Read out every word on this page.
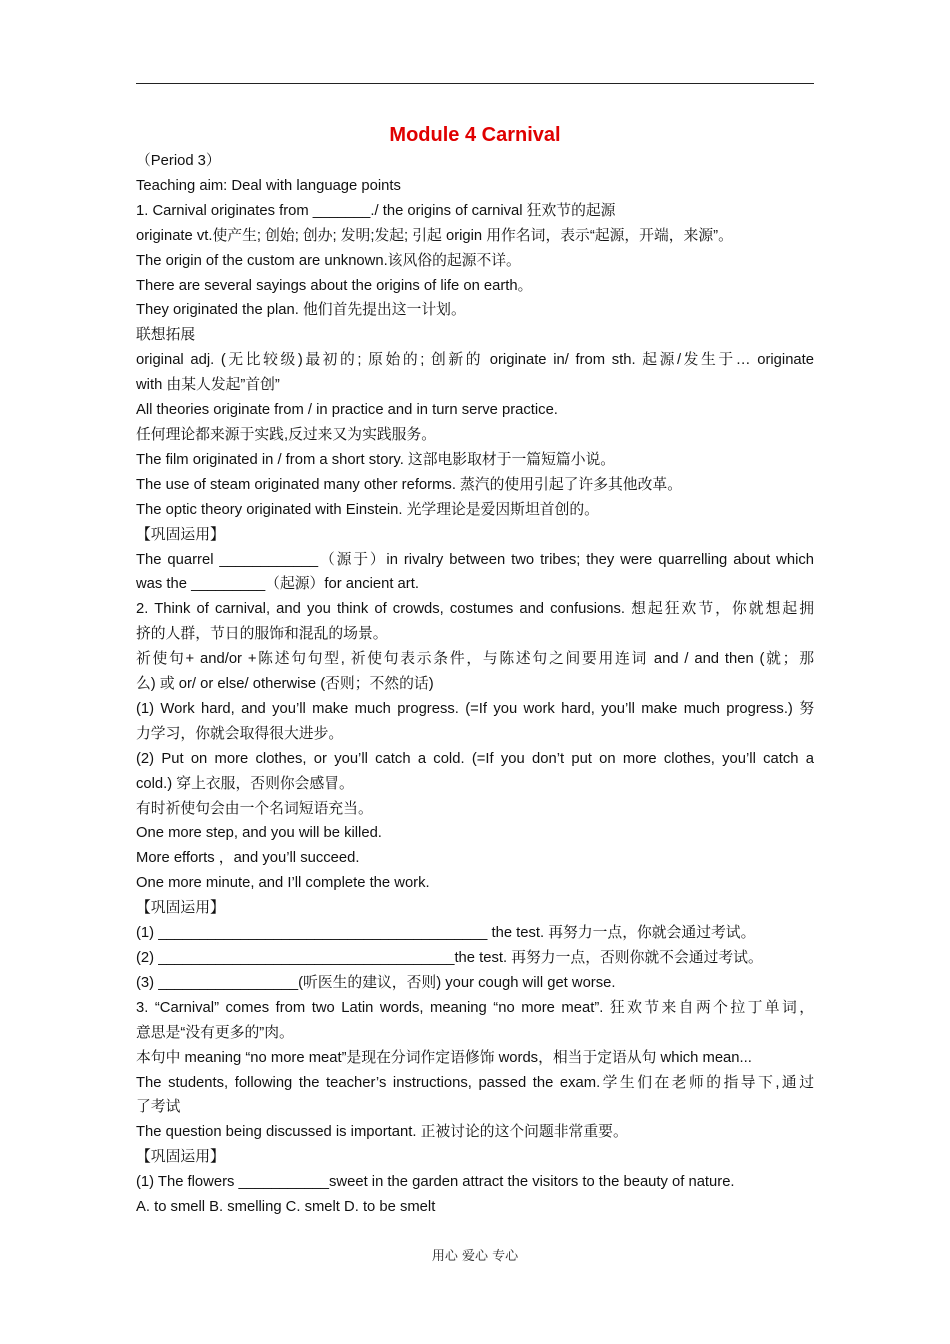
Module 4 Carnival
（Period 3）
Teaching aim: Deal with language points
1. Carnival originates from _______./ the origins of carnival 狂欢节的起源
originate vt.使产生; 创始; 创办; 发明;发起; 引起 origin 用作名词，表示“起源，开端，来源”。
The origin of the custom are unknown.该风俗的起源不详。
There are several sayings about the origins of life on earth。
They originated the plan. 他们首先提出这一计划。
联想拓展
original adj. (无比较级)最初的; 原始的; 创新的 originate in/ from sth. 起源/发生于… originate
with 由某人发起”首创”
All theories originate from / in practice and in turn serve practice.
任何理论都来源于实践,反过来又为实践服务。
The film originated in / from a short story. 这部电影取材于一篇短篇小说。
The use of steam originated many other reforms. 蒸汽的使用引起了许多其他改革。
The optic theory originated with Einstein. 光学理论是爱因斯坦首创的。
【巩固运用】
The quarrel ____________（源于）in rivalry between two tribes; they were quarrelling about which
was the _________（起源）for ancient art.
2. Think of carnival, and you think of crowds, costumes and confusions. 想起狂欢节，你就想起拥
挤的人群，节日的服饰和混乱的场景。
祈使句+ and/or +陈述句句型, 祈使句表示条件，与陈述句之间要用连词 and / and then (就；那
么) 或 or/ or else/ otherwise (否则；不然的话)
(1) Work hard, and you’ll make much progress. (=If you work hard, you’ll make much progress.) 努
力学习，你就会取得很大进步。
(2) Put on more clothes, or you’ll catch a cold. (=If you don’t put on more clothes, you’ll catch a
cold.) 穿上衣服，否则你会感冒。
有时祈使句会由一个名词短语充当。
One more step, and you will be killed.
More efforts ，and you’ll succeed.
One more minute, and I’ll complete the work.
【巩固运用】
(1) ________________________________________ the test. 再努力一点，你就会通过考试。
(2) ____________________________________the test. 再努力一点，否则你就不会通过考试。
(3) _________________(听医生的建议，否则) your cough will get worse.
3. “Carnival” comes from two Latin words, meaning “no more meat”. 狂欢节来自两个拉丁单词，
意思是“没有更多的”肉。
本句中 meaning “no more meat”是现在分词作定语修饰 words，相当于定语从句 which mean...
The students, following the teacher’s instructions, passed the exam.学生们在老师的指导下,通过
了考试
The question being discussed is important. 正被讨论的这个问题非常重要。
【巩固运用】
(1) The flowers ___________sweet in the garden attract the visitors to the beauty of nature.
A. to smell B. smelling C. smelt D. to be smelt
用心 爱心 专心
